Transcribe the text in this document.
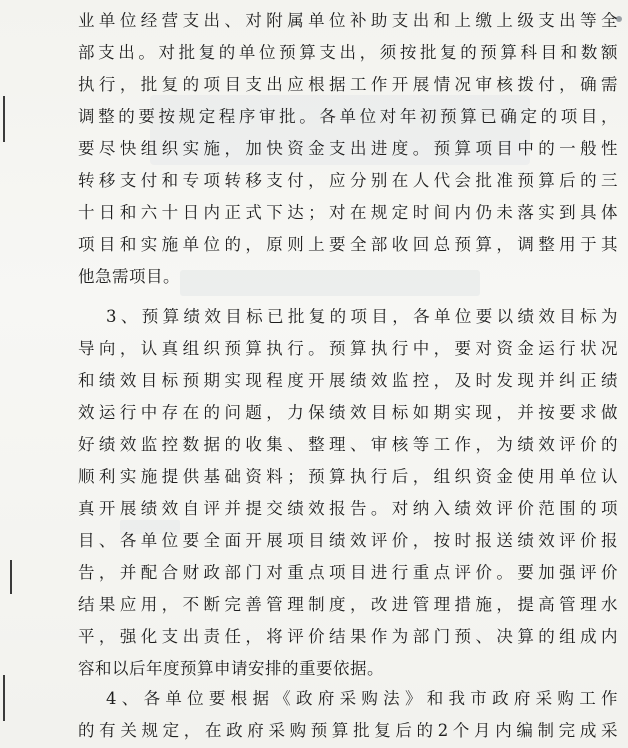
业单位经营支出、对附属单位补助支出和上缴上级支出等全
部支出。对批复的单位预算支出，须按批复的预算科目和数额
执行，批复的项目支出应根据工作开展情况审核拨付，确需
调整的要按规定程序审批。各单位对年初预算已确定的项目，
要尽快组织实施，加快资金支出进度。预算项目中的一般性
转移支付和专项转移支付，应分别在人代会批准预算后的三
十日和六十日内正式下达；对在规定时间内仍未落实到具体
项目和实施单位的，原则上要全部收回总预算，调整用于其
他急需项目。
3、预算绩效目标已批复的项目，各单位要以绩效目标为
导向，认真组织预算执行。预算执行中，要对资金运行状况
和绩效目标预期实现程度开展绩效监控，及时发现并纠正绩
效运行中存在的问题，力保绩效目标如期实现，并按要求做
好绩效监控数据的收集、整理、审核等工作，为绩效评价的
顺利实施提供基础资料；预算执行后，组织资金使用单位认
真开展绩效自评并提交绩效报告。对纳入绩效评价范围的项
目、各单位要全面开展项目绩效评价，按时报送绩效评价报
告，并配合财政部门对重点项目进行重点评价。要加强评价
结果应用，不断完善管理制度，改进管理措施，提高管理水
平，强化支出责任，将评价结果作为部门预、决算的组成内
容和以后年度预算申请安排的重要依据。
4、各单位要根据《政府采购法》和我市政府采购工作
的有关规定，在政府采购预算批复后的2个月内编制完成采
